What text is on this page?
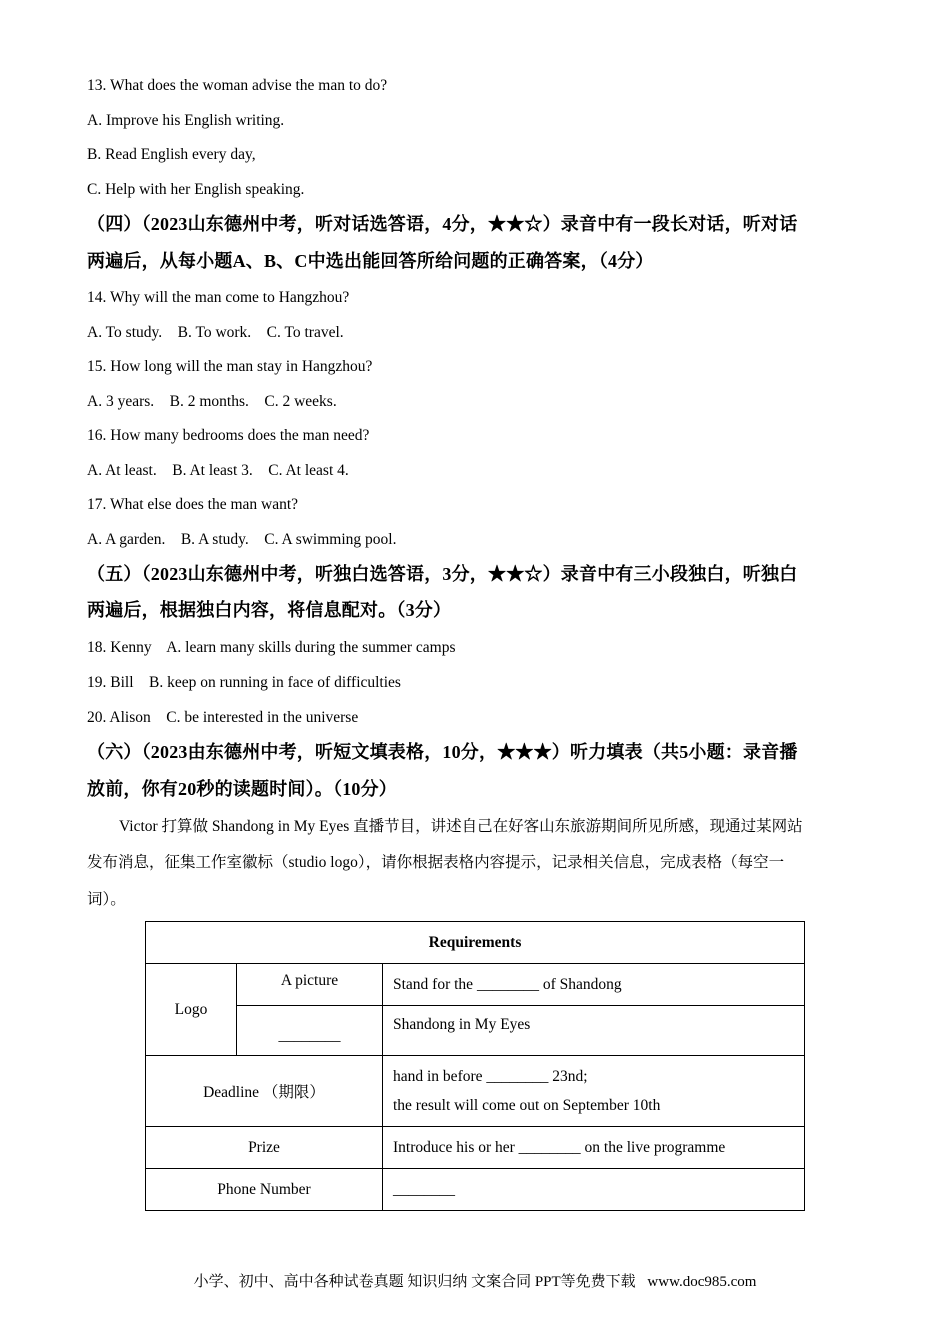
13. What does the woman advise the man to do?
A. Improve his English writing.
B. Read English every day,
C. Help with her English speaking.
（四）（2023山东德州中考，听对话选答语，4分，★★☆）录音中有一段长对话，听对话
两遍后，从每小题A、B、C中选出能回答所给问题的正确答案，（4分）
14. Why will the man come to Hangzhou?
A. To study.    B. To work.    C. To travel.
15. How long will the man stay in Hangzhou?
A. 3 years.    B. 2 months.    C. 2 weeks.
16. How many bedrooms does the man need?
A. At least.    B. At least 3.    C. At least 4.
17. What else does the man want?
A. A garden.    B. A study.    C. A swimming pool.
（五）（2023山东德州中考，听独白选答语，3分，★★☆）录音中有三小段独白，听独白
两遍后，根据独白内容，将信息配对。（3分）
18. Kenny    A. learn many skills during the summer camps
19. Bill    B. keep on running in face of difficulties
20. Alison    C. be interested in the universe
（六）（2023由东德州中考，听短文填表格，10分，★★★）听力填表（共5小题：录音播
放前，你有20秒的读题时间）。（10分）
Victor 打算做 Shandong in My Eyes 直播节目，讲述自己在好客山东旅游期间所见所感，现通过某网站
发布消息，征集工作室徽标（studio logo），请你根据表格内容提示，记录相关信息，完成表格（每空一
词）。
Requirements		
Logo	A picture	Stand for the ________ of Shandong
	________	Shandong in My Eyes
Deadline （期限）		hand in before ________ 23nd;
the result will come out on September 10th

Prize		Introduce his or her ________ on the live programme
Phone Number		________
小学、初中、高中各种试卷真题 知识归纳 文案合同 PPT等免费下载 www.doc985.com
